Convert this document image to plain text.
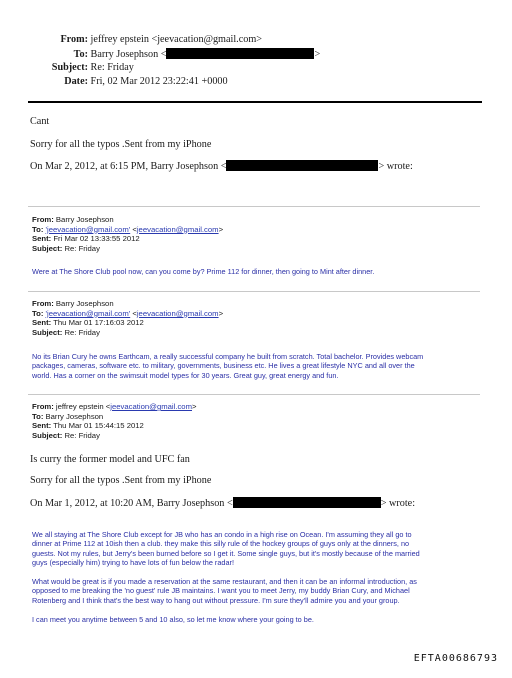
From: jeffrey epstein <jeevacation@gmail.com>
To: Barry Josephson <	>
Subject: Re: Friday
Date: Fri, 02 Mar 2012 23:22:41 +0000
Cant
Sorry for all the typos .Sent from my iPhone
On Mar 2, 2012, at 6:15 PM, Barry Josephson <	> wrote:
From: Barry Josephson
To: 'jeevacation@gmail.com' <jeevacation@gmail.com>
Sent: Fri Mar 02 13:33:55 2012
Subject: Re: Friday
Were at The Shore Club pool now, can you come by? Prime 112 for dinner, then going to Mint after dinner.
From: Barry Josephson
To: 'jeevacation@gmail.com' <jeevacation@gmail.com>
Sent: Thu Mar 01 17:16:03 2012
Subject: Re: Friday
No its Brian Cury he owns Earthcam, a really successful company he built from scratch. Total bachelor. Provides webcam
packages, cameras, software etc. to military, governments, business etc. He lives a great lifestyle NYC and all over the
world. Has a corner on the swimsuit model types for 30 years. Great guy, great energy and fun.
From: jeffrey epstein <jeevacation@gmail.com>
To: Barry Josephson
Sent: Thu Mar 01 15:44:15 2012
Subject: Re: Friday
Is curry the former model and UFC fan
Sorry for all the typos .Sent from my iPhone
On Mar 1, 2012, at 10:20 AM, Barry Josephson <	> wrote:
We all staying at The Shore Club except for JB who has an condo in a high rise on Ocean. I'm assuming they all go to
dinner at Prime 112 at 10ish then a club. they make this silly rule of the hockey groups of guys only at the dinners, no
guests. Not my rules, but Jerry's been burned before so I get it. Some single guys, but it's mostly because of the married
guys (especially him) trying to have lots of fun below the radar!
What would be great is if you made a reservation at the same restaurant, and then it can be an informal introduction, as
opposed to me breaking the 'no guest' rule JB maintains. I want you to meet Jerry, my buddy Brian Cury, and Michael
Rotenberg and I think that's the best way to hang out without pressure. I'm sure they'll admire you and your group.
I can meet you anytime between 5 and 10 also, so let me know where your going to be.
EFTA00686793
